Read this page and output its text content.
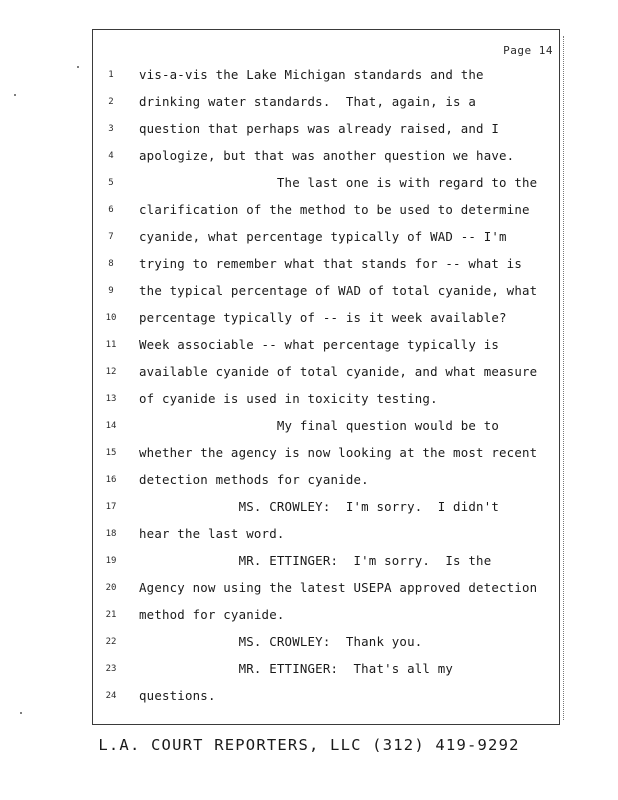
Page 14
1	vis-a-vis the Lake Michigan standards and the
2	drinking water standards.  That, again, is a
3	question that perhaps was already raised, and I
4	apologize, but that was another question we have.
5	The last one is with regard to the
6	clarification of the method to be used to determine
7	cyanide, what percentage typically of WAD -- I'm
8	trying to remember what that stands for -- what is
9	the typical percentage of WAD of total cyanide, what
10	percentage typically of -- is it week available?
11	Week associable -- what percentage typically is
12	available cyanide of total cyanide, and what measure
13	of cyanide is used in toxicity testing.
14	My final question would be to
15	whether the agency is now looking at the most recent
16	detection methods for cyanide.
17	MS. CROWLEY:  I'm sorry.  I didn't
18	hear the last word.
19	MR. ETTINGER:  I'm sorry.  Is the
20	Agency now using the latest USEPA approved detection
21	method for cyanide.
22	MS. CROWLEY:  Thank you.
23	MR. ETTINGER:  That's all my
24	questions.
L.A. COURT REPORTERS, LLC (312) 419-9292
